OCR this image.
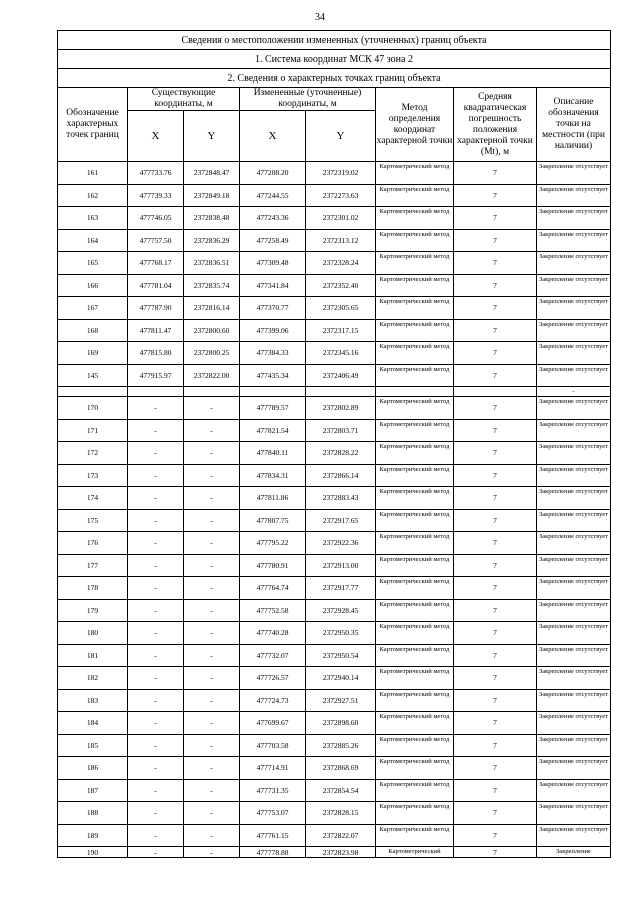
34
Сведения о местоположении измененных (уточненных) границ объекта							
1. Система координат МСК 47 зона 2							
2. Сведения о характерных точках границ объекта							
Обозначение характерных точек границ	Существующие координаты, м		Измененные (уточненные) координаты, м		Метод определения координат характерной точки	Средняя квадратическая погрешность положения характерной точки (Mt), м	Описание обозначения точки на местности (при наличии)
	X	Y	X	Y			
161	477733.76	2372848.47	477208.20	2372319.02	Картометрический метод	7	Закрепление отсутствует
162	477739.33	2372849.18	477244.55	2372273.63	Картометрический метод	7	Закрепление отсутствует
163	477746.05	2372838.48	477243.36	2372301.02	Картометрический метод	7	Закрепление отсутствует
164	477757.50	2372836.29	477258.49	2372313.12	Картометрический метод	7	Закрепление отсутствует
165	477768.17	2372836.51	477309.48	2372328.24	Картометрический метод	7	Закрепление отсутствует
166	477781.04	2372835.74	477341.84	2372352.40	Картометрический метод	7	Закрепление отсутствует
167	477787.90	2372816.14	477370.77	2372305.65	Картометрический метод	7	Закрепление отсутствует
168	477811.47	2372800.60	477399.06	2372317.15	Картометрический метод	7	Закрепление отсутствует
169	477815.80	2372800.25	477384.33	2372345.16	Картометрический метод	7	Закрепление отсутствует
145	477915.97	2372822.00	477435.34	2372406.49	Картометрический метод	7	Закрепление отсутствует
							-
170	-	-	477789.57	2372802.89	Картометрический метод	7	Закрепление отсутствует
171	-	-	477821.54	2372803.71	Картометрический метод	7	Закрепление отсутствует
172	-	-	477840.11	2372828.22	Картометрический метод	7	Закрепление отсутствует
173	-	-	477834.31	2372866.14	Картометрический метод	7	Закрепление отсутствует
174	-	-	477811.86	2372883.43	Картометрический метод	7	Закрепление отсутствует
175	-	-	477807.75	2372917.65	Картометрический метод	7	Закрепление отсутствует
176	-	-	477795.22	2372922.36	Картометрический метод	7	Закрепление отсутствует
177	-	-	477780.91	2372913.00	Картометрический метод	7	Закрепление отсутствует
178	-	-	477764.74	2372917.77	Картометрический метод	7	Закрепление отсутствует
179	-	-	477752.58	2372928.45	Картометрический метод	7	Закрепление отсутствует
180	-	-	477740.28	2372950.35	Картометрический метод	7	Закрепление отсутствует
181	-	-	477732.07	2372950.54	Картометрический метод	7	Закрепление отсутствует
182	-	-	477726.57	2372940.14	Картометрический метод	7	Закрепление отсутствует
183	-	-	477724.73	2372927.51	Картометрический метод	7	Закрепление отсутствует
184	-	-	477699.67	2372898.60	Картометрический метод	7	Закрепление отсутствует
185	-	-	477703.58	2372885.26	Картометрический метод	7	Закрепление отсутствует
186	-	-	477714.91	2372868.69	Картометрический метод	7	Закрепление отсутствует
187	-	-	477731.35	2372854.54	Картометрический метод	7	Закрепление отсутствует
188	-	-	477753.07	2372828.15	Картометрический метод	7	Закрепление отсутствует
189	-	-	477761.15	2372822.07	Картометрический метод	7	Закрепление отсутствует
190	-	-	477778.88	2372823.98	Картометрический	7	Закрепление
